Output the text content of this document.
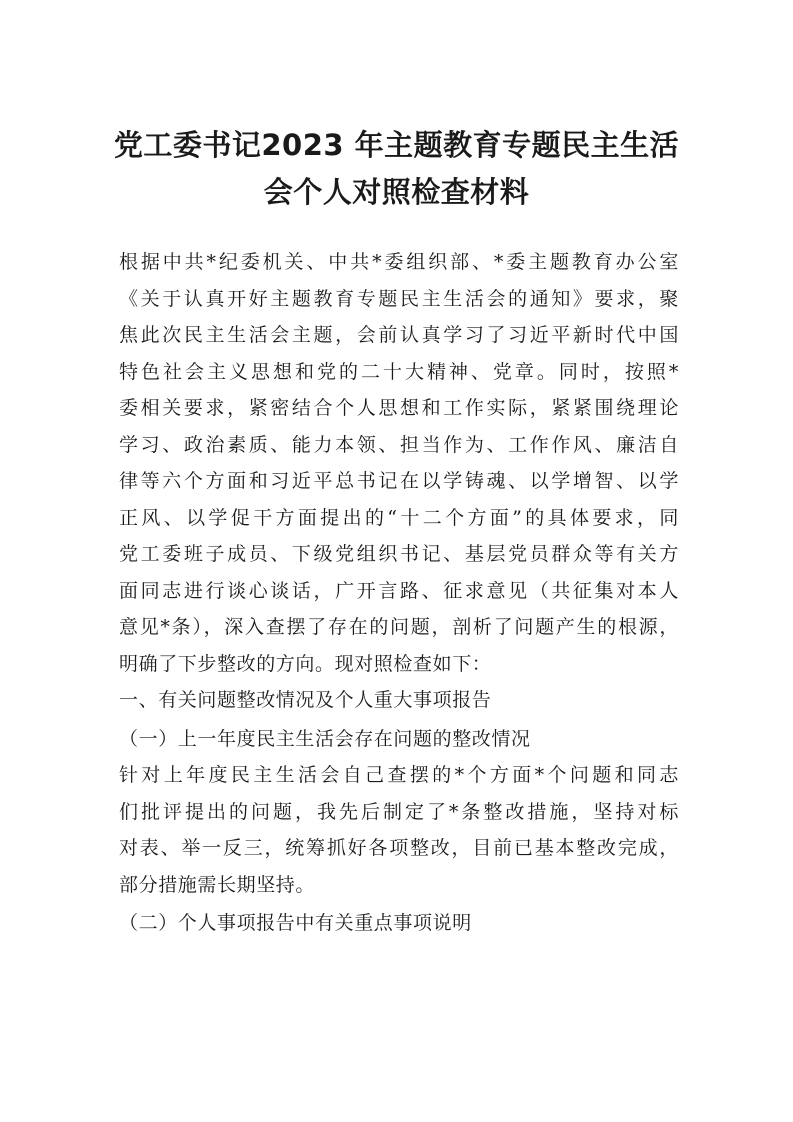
党工委书记2023 年主题教育专题民主生活
会个人对照检查材料
根据中共*纪委机关、中共*委组织部、*委主题教育办公室
《关于认真开好主题教育专题民主生活会的通知》要求，聚
焦此次民主生活会主题，会前认真学习了习近平新时代中国
特色社会主义思想和党的二十大精神、党章。同时，按照*
委相关要求，紧密结合个人思想和工作实际，紧紧围绕理论
学习、政治素质、能力本领、担当作为、工作作风、廉洁自
律等六个方面和习近平总书记在以学铸魂、以学增智、以学
正风、以学促干方面提出的“十二个方面”的具体要求，同
党工委班子成员、下级党组织书记、基层党员群众等有关方
面同志进行谈心谈话，广开言路、征求意见（共征集对本人
意见*条），深入查摆了存在的问题，剖析了问题产生的根源，
明确了下步整改的方向。现对照检查如下：
一、有关问题整改情况及个人重大事项报告
（一）上一年度民主生活会存在问题的整改情况
针对上年度民主生活会自己查摆的*个方面*个问题和同志
们批评提出的问题，我先后制定了*条整改措施，坚持对标
对表、举一反三，统筹抓好各项整改，目前已基本整改完成，
部分措施需长期坚持。
（二）个人事项报告中有关重点事项说明
